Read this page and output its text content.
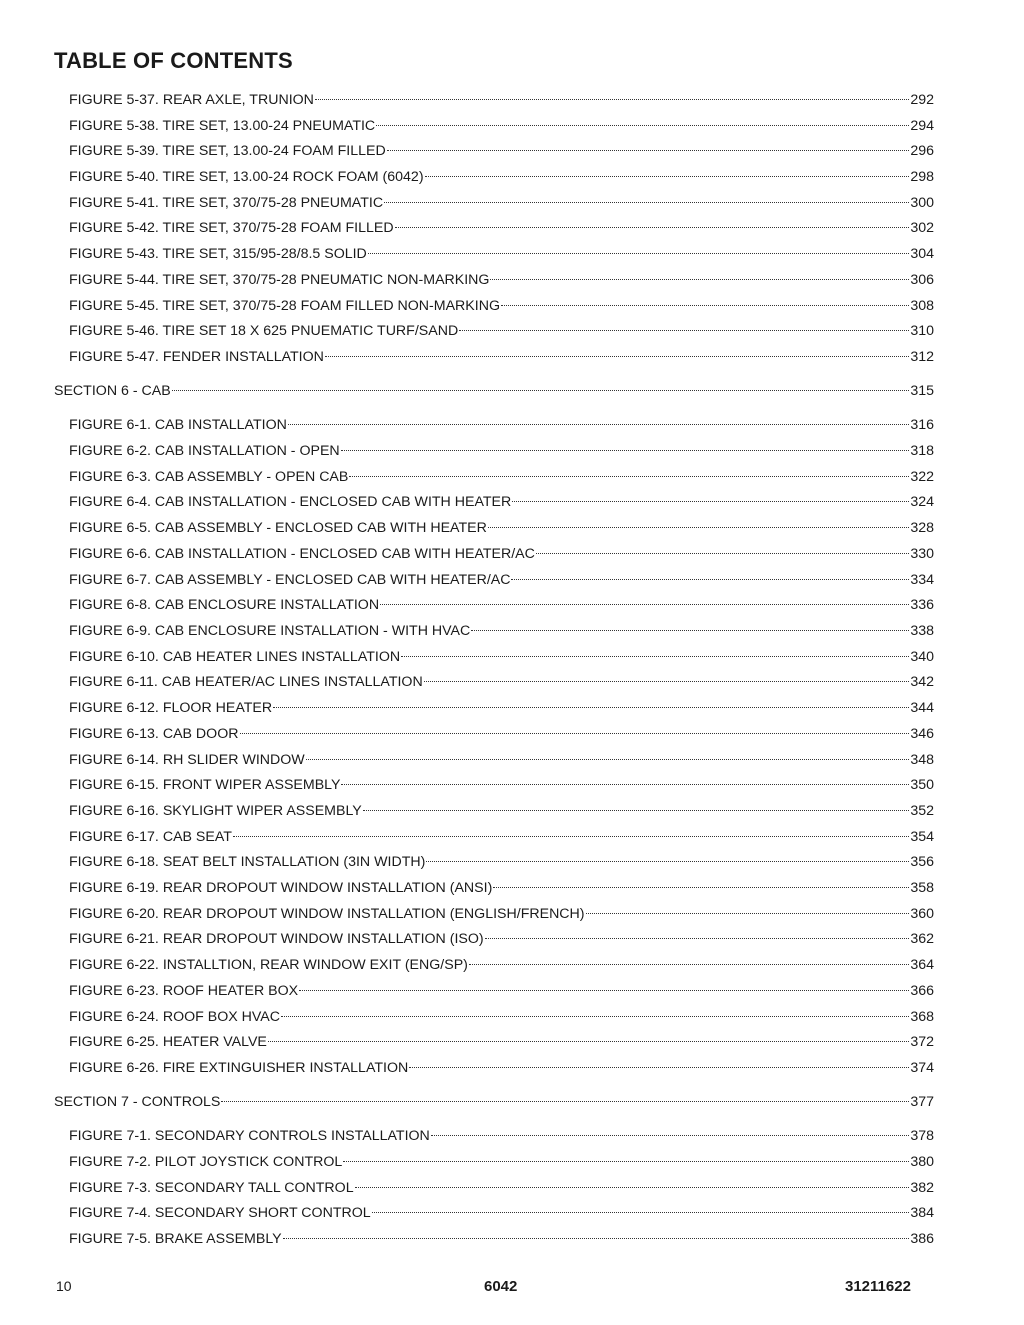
TABLE OF CONTENTS
FIGURE 5-37. REAR AXLE, TRUNION	292
FIGURE 5-38. TIRE SET, 13.00-24 PNEUMATIC	294
FIGURE 5-39. TIRE SET, 13.00-24 FOAM FILLED	296
FIGURE 5-40. TIRE SET, 13.00-24 ROCK FOAM (6042)	298
FIGURE 5-41. TIRE SET, 370/75-28 PNEUMATIC	300
FIGURE 5-42. TIRE SET, 370/75-28 FOAM FILLED	302
FIGURE 5-43. TIRE SET, 315/95-28/8.5 SOLID	304
FIGURE 5-44. TIRE SET, 370/75-28 PNEUMATIC NON-MARKING	306
FIGURE 5-45. TIRE SET, 370/75-28 FOAM FILLED NON-MARKING	308
FIGURE 5-46. TIRE SET 18 X 625 PNUEMATIC TURF/SAND	310
FIGURE 5-47. FENDER INSTALLATION	312
SECTION 6 - CAB	315
FIGURE 6-1. CAB INSTALLATION	316
FIGURE 6-2. CAB INSTALLATION - OPEN	318
FIGURE 6-3. CAB ASSEMBLY - OPEN CAB	322
FIGURE 6-4. CAB INSTALLATION - ENCLOSED CAB WITH HEATER	324
FIGURE 6-5. CAB ASSEMBLY - ENCLOSED CAB WITH HEATER	328
FIGURE 6-6. CAB INSTALLATION - ENCLOSED CAB WITH HEATER/AC	330
FIGURE 6-7. CAB ASSEMBLY - ENCLOSED CAB WITH HEATER/AC	334
FIGURE 6-8. CAB ENCLOSURE INSTALLATION	336
FIGURE 6-9. CAB ENCLOSURE INSTALLATION - WITH HVAC	338
FIGURE 6-10. CAB HEATER LINES INSTALLATION	340
FIGURE 6-11. CAB HEATER/AC LINES INSTALLATION	342
FIGURE 6-12. FLOOR HEATER	344
FIGURE 6-13. CAB DOOR	346
FIGURE 6-14. RH SLIDER WINDOW	348
FIGURE 6-15. FRONT WIPER ASSEMBLY	350
FIGURE 6-16. SKYLIGHT WIPER ASSEMBLY	352
FIGURE 6-17. CAB SEAT	354
FIGURE 6-18. SEAT BELT INSTALLATION (3IN WIDTH)	356
FIGURE 6-19. REAR DROPOUT WINDOW INSTALLATION (ANSI)	358
FIGURE 6-20. REAR DROPOUT WINDOW INSTALLATION (ENGLISH/FRENCH)	360
FIGURE 6-21. REAR DROPOUT WINDOW INSTALLATION (ISO)	362
FIGURE 6-22. INSTALLTION, REAR WINDOW EXIT (ENG/SP)	364
FIGURE 6-23. ROOF HEATER BOX	366
FIGURE 6-24. ROOF BOX HVAC	368
FIGURE 6-25. HEATER VALVE	372
FIGURE 6-26. FIRE EXTINGUISHER INSTALLATION	374
SECTION 7 - CONTROLS	377
FIGURE 7-1. SECONDARY CONTROLS INSTALLATION	378
FIGURE 7-2. PILOT JOYSTICK CONTROL	380
FIGURE 7-3. SECONDARY TALL CONTROL	382
FIGURE 7-4. SECONDARY SHORT CONTROL	384
FIGURE 7-5. BRAKE ASSEMBLY	386
10	6042	31211622
